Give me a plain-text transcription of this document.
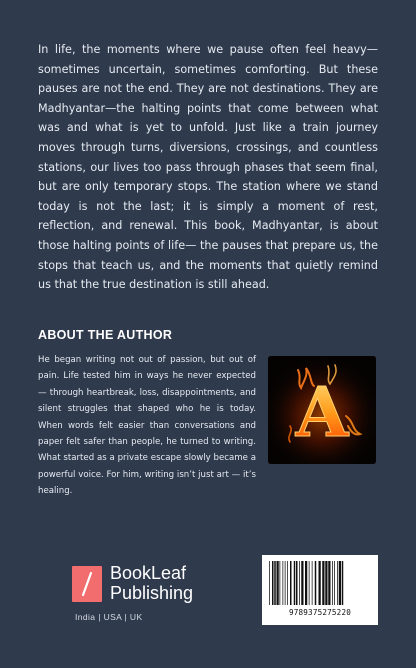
In life, the moments where we pause often feel heavy—sometimes uncertain, sometimes comforting. But these pauses are not the end. They are not destinations. They are Madhyantar—the halting points that come between what was and what is yet to unfold. Just like a train journey moves through turns, diversions, crossings, and countless stations, our lives too pass through phases that seem final, but are only temporary stops. The station where we stand today is not the last; it is simply a moment of rest, reflection, and renewal. This book, Madhyantar, is about those halting points of life— the pauses that prepare us, the stops that teach us, and the moments that quietly remind us that the true destination is still ahead.

ABOUT THE AUTHOR

He began writing not out of passion, but out of pain. Life tested him in ways he never expected — through heartbreak, loss, disappointments, and silent struggles that shaped who he is today. When words felt easier than conversations and paper felt safer than people, he turned to writing. What started as a private escape slowly became a powerful voice. For him, writing isn’t just art — it’s healing.

A

BookLeaf
Publishing

India | USA | UK	9789375275220
